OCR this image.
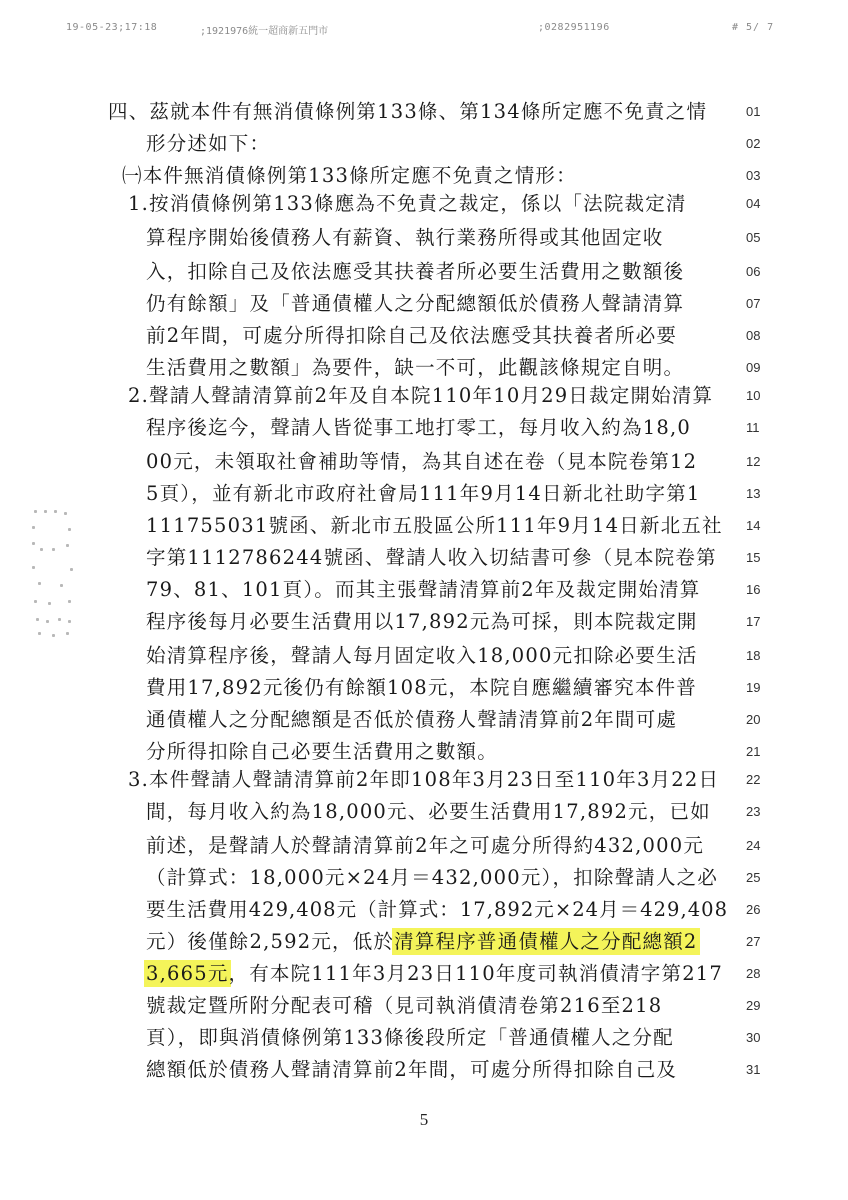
19-05-23;17:18	;1921976統一超商新五門市	;0282951196	# 5/ 7
四、茲就本件有無消債條例第133條、第134條所定應不免責之情	01
形分述如下：	02
㈠本件無消債條例第133條所定應不免責之情形：	03
1.按消債條例第133條應為不免責之裁定，係以「法院裁定清	04
算程序開始後債務人有薪資、執行業務所得或其他固定收	05
入，扣除自己及依法應受其扶養者所必要生活費用之數額後	06
仍有餘額」及「普通債權人之分配總額低於債務人聲請清算	07
前2年間，可處分所得扣除自己及依法應受其扶養者所必要	08
生活費用之數額」為要件，缺一不可，此觀該條規定自明。	09
2.聲請人聲請清算前2年及自本院110年10月29日裁定開始清算	10
程序後迄今，聲請人皆從事工地打零工，每月收入約為18,0	11
00元，未領取社會補助等情，為其自述在卷（見本院卷第12	12
5頁），並有新北市政府社會局111年9月14日新北社助字第1	13
111755031號函、新北市五股區公所111年9月14日新北五社 14
字第1112786244號函、聲請人收入切結書可參（見本院卷第 15
79、81、101頁）。而其主張聲請清算前2年及裁定開始清算	16
程序後每月必要生活費用以17,892元為可採，則本院裁定開	17
始清算程序後，聲請人每月固定收入18,000元扣除必要生活	18
費用17,892元後仍有餘額108元，本院自應繼續審究本件普	19
通債權人之分配總額是否低於債務人聲請清算前2年間可處	20
分所得扣除自己必要生活費用之數額。	21
3.本件聲請人聲請清算前2年即108年3月23日至110年3月22日 22
間，每月收入約為18,000元、必要生活費用17,892元，已如	23
前述，是聲請人於聲請清算前2年之可處分所得約432,000元	24
（計算式：18,000元×24月＝432,000元），扣除聲請人之必 25
要生活費用429,408元（計算式：17,892元×24月＝429,408 26
元）後僅餘2,592元，低於清算程序普通債權人之分配總額2	27
3,665元，有本院111年3月23日110年度司執消債清字第217 28
號裁定暨所附分配表可稽（見司執消債清卷第216至218	29
頁），即與消債條例第133條後段所定「普通債權人之分配	30
總額低於債務人聲請清算前2年間，可處分所得扣除自己及	31
5
